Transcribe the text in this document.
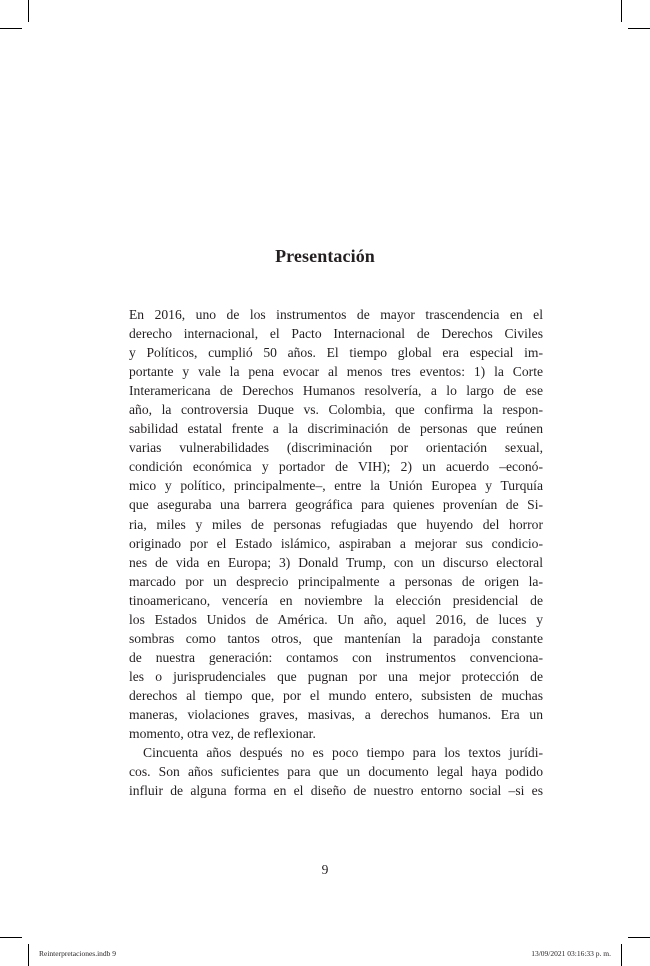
Presentación
En 2016, uno de los instrumentos de mayor trascendencia en el
derecho internacional, el Pacto Internacional de Derechos Civiles
y Políticos, cumplió 50 años. El tiempo global era especial im-
portante y vale la pena evocar al menos tres eventos: 1) la Corte
Interamericana de Derechos Humanos resolvería, a lo largo de ese
año, la controversia Duque vs. Colombia, que confirma la respon-
sabilidad estatal frente a la discriminación de personas que reúnen
varias vulnerabilidades (discriminación por orientación sexual,
condición económica y portador de VIH); 2) un acuerdo –econó-
mico y político, principalmente–, entre la Unión Europea y Turquía
que aseguraba una barrera geográfica para quienes provenían de Si-
ria, miles y miles de personas refugiadas que huyendo del horror
originado por el Estado islámico, aspiraban a mejorar sus condicio-
nes de vida en Europa; 3) Donald Trump, con un discurso electoral
marcado por un desprecio principalmente a personas de origen la-
tinoamericano, vencería en noviembre la elección presidencial de
los Estados Unidos de América. Un año, aquel 2016, de luces y
sombras como tantos otros, que mantenían la paradoja constante
de nuestra generación: contamos con instrumentos convenciona-
les o jurisprudenciales que pugnan por una mejor protección de
derechos al tiempo que, por el mundo entero, subsisten de muchas
maneras, violaciones graves, masivas, a derechos humanos. Era un
momento, otra vez, de reflexionar.
Cincuenta años después no es poco tiempo para los textos jurídi-
cos. Son años suficientes para que un documento legal haya podido
influir de alguna forma en el diseño de nuestro entorno social –si es
9
Reinterpretaciones.indb 9	13/09/2021 03:16:33 p. m.
